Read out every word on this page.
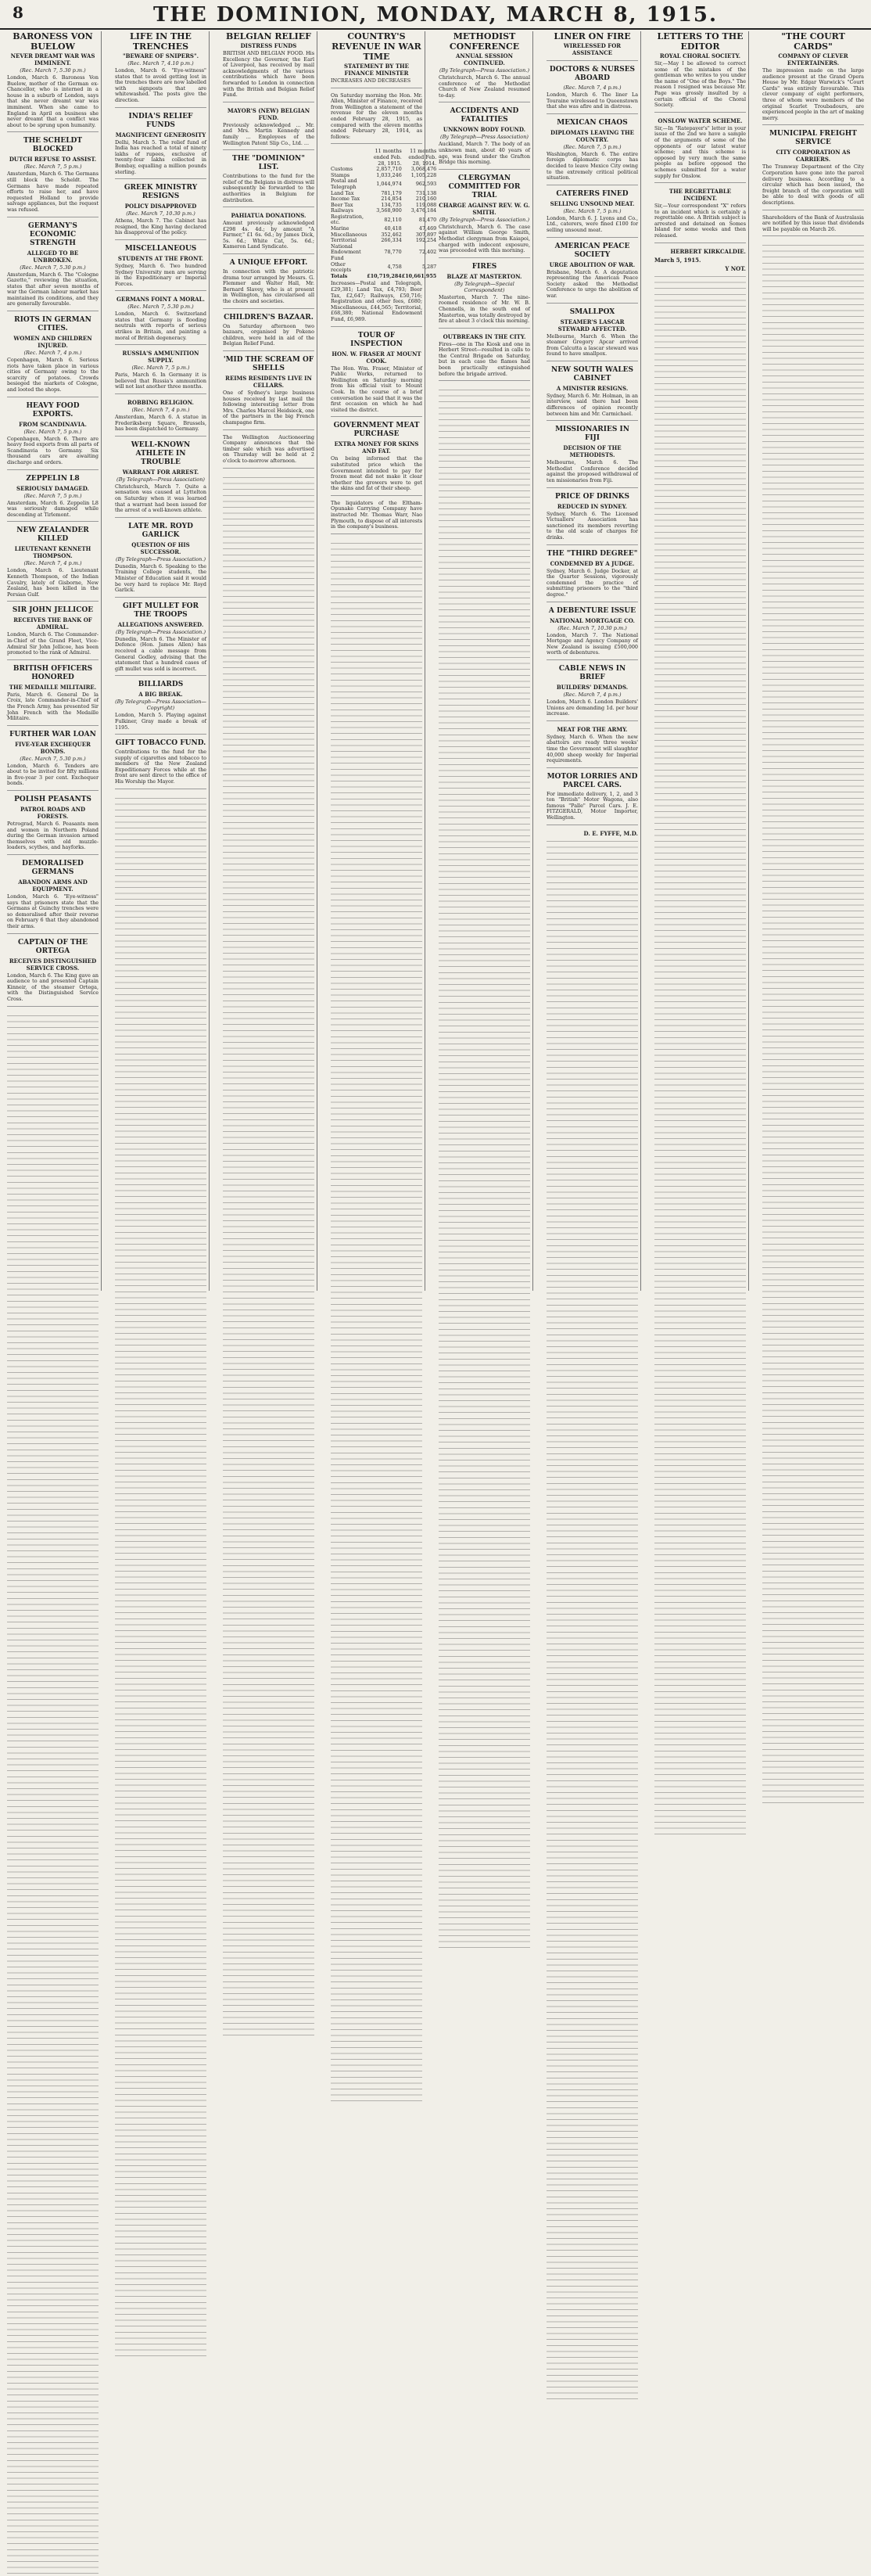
8	THE DOMINION, MONDAY, MARCH 8, 1915.
BARONESS VON BUELOW
NEVER DREAMT WAR WAS IMMINENT.
(Rec. March 7, 5.30 p.m.)
London, March 6. Baroness Von Buelow, mother of the German ex-Chancellor, who is interned in a house in a suburb of London, says that she never dreamt war was imminent. When she came to England in April on business she never dreamt that a conflict was about to be sprung upon humanity.
THE SCHELDT BLOCKED
DUTCH REFUSE TO ASSIST.
(Rec. March 7, 5 p.m.)
Amsterdam, March 6. The Germans still block the Scheldt. The Germans have made repeated efforts to raise her, and have requested Holland to provide salvage appliances, but the request was refused.
GERMANY'S ECONOMIC STRENGTH
ALLEGED TO BE UNBROKEN.
(Rec. March 7, 5.30 p.m.)
Amsterdam, March 6. The "Cologne Gazette," reviewing the situation, states that after seven months of war the German labour market has maintained its conditions, and they are generally favourable.
RIOTS IN GERMAN CITIES.
WOMEN AND CHILDREN INJURED.
(Rec. March 7, 4 p.m.)
Copenhagen, March 6. Serious riots have taken place in various cities of Germany owing to the scarcity of potatoes. Crowds besieged the markets of Cologne, and looted the shops.
HEAVY FOOD EXPORTS.
FROM SCANDINAVIA.
(Rec. March 7, 5 p.m.)
Copenhagen, March 6. There are heavy food exports from all parts of Scandinavia to Germany. Six thousand cars are awaiting discharge and orders.
ZEPPELIN L8
SERIOUSLY DAMAGED.
(Rec. March 7, 5 p.m.)
Amsterdam, March 6. Zeppelin L8 was seriously damaged while descending at Tirlemont.
NEW ZEALANDER KILLED
LIEUTENANT KENNETH THOMPSON.
(Rec. March 7, 4 p.m.)
London, March 6. Lieutenant Kenneth Thompson, of the Indian Cavalry, lately of Gisborne, New Zealand, has been killed in the Persian Gulf.
SIR JOHN JELLICOE
RECEIVES THE BANK OF ADMIRAL.
London, March 6. The Commander-in-Chief of the Grand Fleet, Vice-Admiral Sir John Jellicoe, has been promoted to the rank of Admiral.
BRITISH OFFICERS HONORED
THE MEDAILLE MILITAIRE.
Paris, March 6. General De la Croix, late Commander-in-Chief of the French Army, has presented Sir John French with the Medaille Militaire.
FURTHER WAR LOAN
FIVE-YEAR EXCHEQUER BONDS.
(Rec. March 7, 5.30 p.m.)
London, March 6. Tenders are about to be invited for fifty millions in five-year 3 per cent. Exchequer bonds.
POLISH PEASANTS
PATROL ROADS AND FORESTS.
Petrograd, March 6. Peasants men and women in Northern Poland during the German invasion armed themselves with old muzzle-loaders, scythes, and hayforks.
DEMORALISED GERMANS
ABANDON ARMS AND EQUIPMENT.
London, March 6. "Eye-witness" says that prisoners state that the Germans at Guinchy trenches were so demoralised after their reverse on February 6 that they abandoned their arms.
CAPTAIN OF THE ORTEGA
RECEIVES DISTINGUISHED SERVICE CROSS.
London, March 6. The King gave an audience to and presented Captain Kinneir, of the steamer Ortega, with the Distinguished Service Cross.
LIFE IN THE TRENCHES
"BEWARE OF SNIPERS".
(Rec. March 7, 4.10 p.m.)
London, March 6. "Eye-witness" states that to avoid getting lost in the trenches there are now labelled with signposts that are whitewashed. The posts give the direction.
INDIA'S RELIEF FUNDS
MAGNIFICENT GENEROSITY
Delhi, March 5. The relief fund of India has reached a total of ninety lakhs of rupees, exclusive of twenty-four lakhs collected in Bombay, equalling a million pounds sterling.
GREEK MINISTRY RESIGNS
POLICY DISAPPROVED
(Rec. March 7, 10.30 p.m.)
Athens, March 7. The Cabinet has resigned, the King having declared his disapproval of the policy.
MISCELLANEOUS
STUDENTS AT THE FRONT.
Sydney, March 6. Two hundred Sydney University men are serving in the Expeditionary or Imperial Forces.
GERMANS FOINT A MORAL.
(Rec. March 7, 5.30 p.m.)
London, March 6. Switzerland states that Germany is flooding neutrals with reports of serious strikes in Britain, and painting a moral of British degeneracy.
RUSSIA'S AMMUNITION SUPPLY.
(Rec. March 7, 5 p.m.)
Paris, March 6. In Germany it is believed that Russia's ammunition will not last another three months.
ROBBING RELIGION.
(Rec. March 7, 4 p.m.)
Amsterdam, March 6. A statue in Frederiksberg Square, Brussels, has been dispatched to Germany.
WELL-KNOWN ATHLETE IN TROUBLE
WARRANT FOR ARREST.
(By Telegraph—Press Association)
Christchurch, March 7. Quite a sensation was caused at Lyttelton on Saturday when it was learned that a warrant had been issued for the arrest of a well-known athlete.
LATE MR. ROYD GARLICK
QUESTION OF HIS SUCCESSOR.
(By Telegraph—Press Association.)
Dunedin, March 6. Speaking to the Training College students, the Minister of Education said it would be very hard to replace Mr. Royd Garlick.
GIFT MULLET FOR THE TROOPS
ALLEGATIONS ANSWERED.
(By Telegraph—Press Association.)
Dunedin, March 6. The Minister of Defence (Hon. James Allen) has received a cable message from General Godley, advising that the statement that a hundred cases of gift mullet was sold is incorrect.
BILLIARDS
A BIG BREAK.
(By Telegraph—Press Association—Copyright)
London, March 5. Playing against Fulkiner, Gray made a break of 1195.
GIFT TOBACCO FUND.
Contributions to the fund for the supply of cigarettes and tobacco to members of the New Zealand Expeditionary Forces while at the front are sent direct to the office of His Worship the Mayor.
BELGIAN RELIEF
DISTRESS FUNDS
BRITISH AND BELGIAN FOOD. His Excellency the Governor, the Earl of Liverpool, has received by mail acknowledgments of the various contributions which have been forwarded to London in connection with the British and Belgian Relief Fund.
MAYOR'S (NEW) BELGIAN FUND.
Previously acknowledged ... Mr. and Mrs. Martin Kennedy and family ... Employees of the Wellington Patent Slip Co., Ltd. ...
THE "DOMINION" LIST.
Contributions to the fund for the relief of the Belgians in distress will subsequently be forwarded to the authorities in Belgium for distribution.
PAHIATUA DONATIONS.
Amount previously acknowledged £298 4s. 4d.; by amount "A Farmer," £1 6s. 6d.; by James Dick, 5s. 6d.; White Cat, 5s. 6d.; Kameron Land Syndicate.
A UNIQUE EFFORT.
In connection with the patriotic drama tour arranged by Messrs. G. Flemmer and Walter Hall, Mr. Bernard Slavey, who is at present in Wellington, has circularised all the choirs and societies.
CHILDREN'S BAZAAR.
On Saturday afternoon two bazaars, organised by Pokeno children, were held in aid of the Belgian Relief Fund.
'MID THE SCREAM OF SHELLS
REIMS RESIDENTS LIVE IN CELLARS.
One of Sydney's large business houses received by last mail the following interesting letter from Mrs. Charles Marcel Heidsieck, one of the partners in the big French champagne firm.
The Wellington Auctioneering Company announces that the timber sale which was advertised on Thursday will be held at 2 o'clock to-morrow afternoon.
COUNTRY'S REVENUE IN WAR TIME
STATEMENT BY THE FINANCE MINISTER
INCREASES AND DECREASES
On Saturday morning the Hon. Mr. Allen, Minister of Finance, received from Wellington a statement of the revenue for the eleven months ended February 28, 1915, as compared with the eleven months ended February 28, 1914, as follows:
	11 months ended Feb. 28, 1915.	11 months ended Feb. 28, 1914.
Customs	2,857,710	3,068,476
Stamps	1,033,246	1,105,228
Postal and Telegraph	1,044,974	962,593
Land Tax	781,179	731,138
Income Tax	214,854	210,160
Beer Tax	134,735	119,088
Railways	3,568,900	3,476,184
Registration, etc.	82,110	81,470
Marine	40,418	47,469
Miscellaneous	352,462	307,897
Territorial	266,334	192,254
National Endowment Fund	78,770	72,402
Other receipts	4,758	5,287
Totals	£10,719,284	£10,661,955
Increases—Postal and Telegraph, £29,381; Land Tax, £4,793; Beer Tax, £2,647; Railways, £50,716; Registration and other fees, £680; Miscellaneous, £44,565; Territorial, £68,380; National Endowment Fund, £6,989.
TOUR OF INSPECTION
HON. W. FRASER AT MOUNT COOK.
The Hon. Wm. Fraser, Minister of Public Works, returned to Wellington on Saturday morning from his official visit to Mount Cook. In the course of a brief conversation he said that it was the first occasion on which he had visited the district.
GOVERNMENT MEAT PURCHASE
EXTRA MONEY FOR SKINS AND FAT.
On being informed that the substituted price which the Government intended to pay for frozen meat did not make it clear whether the growers were to get the skins and fat of their sheep.
The liquidators of the Eltham-Opunake Carrying Company have instructed Mr. Thomas Warr, Nao Plymouth, to dispose of all interests in the company's business.
METHODIST CONFERENCE
ANNUAL SESSION CONTINUED.
(By Telegraph—Press Association.)
Christchurch, March 6. The annual conference of the Methodist Church of New Zealand resumed to-day.
ACCIDENTS AND FATALITIES
UNKNOWN BODY FOUND.
(By Telegraph—Press Association)
Auckland, March 7. The body of an unknown man, about 40 years of age, was found under the Grafton Bridge this morning.
CLERGYMAN COMMITTED FOR TRIAL
CHARGE AGAINST REV. W. G. SMITH.
(By Telegraph—Press Association.)
Christchurch, March 6. The case against William George Smith, Methodist clergyman from Kaiapoi, charged with indecent exposure, was proceeded with this morning.
FIRES
BLAZE AT MASTERTON.
(By Telegraph—Special Correspondent)
Masterton, March 7. The nine-roomed residence of Mr. W. B. Chennells, in the south end of Masterton, was totally destroyed by fire at about 3 o'clock this morning.
OUTBREAKS IN THE CITY.
Fires—one in The Kiosk and one in Herbert Street—resulted in calls to the Central Brigade on Saturday, but in each case the flames had been practically extinguished before the brigade arrived.
LINER ON FIRE
WIRELESSED FOR ASSISTANCE
DOCTORS & NURSES ABOARD
(Rec. March 7, 4 p.m.)
London, March 6. The liner La Touraine wirelessed to Queenstown that she was afire and in distress.
MEXICAN CHAOS
DIPLOMATS LEAVING THE COUNTRY.
(Rec. March 7, 5 p.m.)
Washington, March 6. The entire foreign diplomatic corps has decided to leave Mexico City owing to the extremely critical political situation.
CATERERS FINED
SELLING UNSOUND MEAT.
(Rec. March 7, 5 p.m.)
London, March 6. J. Lyons and Co., Ltd., caterers, were fined £100 for selling unsound meat.
AMERICAN PEACE SOCIETY
URGE ABOLITION OF WAR.
Brisbane, March 6. A deputation representing the American Peace Society asked the Methodist Conference to urge the abolition of war.
SMALLPOX
STEAMER'S LASCAR STEWARD AFFECTED.
Melbourne, March 6. When the steamer Gregory Apcar arrived from Calcutta a lascar steward was found to have smallpox.
NEW SOUTH WALES CABINET
A MINISTER RESIGNS.
Sydney, March 6. Mr. Holman, in an interview, said there had been differences of opinion recently between him and Mr. Carmichael.
MISSIONARIES IN FIJI
DECISION OF THE METHODISTS.
Melbourne, March 6. The Methodist Conference decided against the proposed withdrawal of ten missionaries from Fiji.
PRICE OF DRINKS
REDUCED IN SYDNEY.
Sydney, March 6. The Licensed Victuallers' Association has sanctioned its members reverting to the old scale of charges for drinks.
THE "THIRD DEGREE"
CONDEMNED BY A JUDGE.
Sydney, March 6. Judge Docker, at the Quarter Sessions, vigorously condemned the practice of submitting prisoners to the "third degree."
A DEBENTURE ISSUE
NATIONAL MORTGAGE CO.
(Rec. March 7, 10.30 p.m.)
London, March 7. The National Mortgage and Agency Company of New Zealand is issuing £500,000 worth of debentures.
CABLE NEWS IN BRIEF
BUILDERS' DEMANDS.
(Rec. March 7, 4 p.m.)
London, March 6. London Builders' Unions are demanding 1d. per hour increase.
MEAT FOR THE ARMY.
Sydney, March 6. When the new abattoirs are ready three weeks' time the Government will slaughter 40,000 sheep weekly for Imperial requirements.
MOTOR LORRIES AND PARCEL CARS.
For immediate delivery, 1, 2, and 3 ton "British" Motor Wagons, also famous "Palle" Parcel Cars. J. E. FITZGERALD, Motor Importer, Wellington.
D. E. FYFFE, M.D.
LETTERS TO THE EDITOR
ROYAL CHORAL SOCIETY.
Sir,—May I be allowed to correct some of the mistakes of the gentleman who writes to you under the name of "One of the Boys." The reason I resigned was because Mr. Page was grossly insulted by a certain official of the Choral Society.
ONSLOW WATER SCHEME.
Sir,—In "Ratepayer's" letter in your issue of the 2nd we have a sample of the arguments of some of the opponents of our latest water scheme; and this scheme is opposed by very much the same people as before opposed the schemes submitted for a water supply for Onslow.
THE REGRETTABLE INCIDENT.
Sir,—Your correspondent "X" refers to an incident which is certainly a regrettable one. A British subject is arrested and detained on Somes Island for some weeks and then released.
HERBERT KIRKCALDIE.
March 5, 1915.
Y NOT.
"THE COURT CARDS"
COMPANY OF CLEVER ENTERTAINERS.
The impression made on the large audience present at the Grand Opera House by Mr. Edgar Warwick's "Court Cards" was entirely favourable. This clever company of eight performers, three of whom were members of the original Scarlet Troubadours, are experienced people in the art of making merry.
MUNICIPAL FREIGHT SERVICE
CITY CORPORATION AS CARRIERS.
The Tramway Department of the City Corporation have gone into the parcel delivery business. According to a circular which has been issued, the freight branch of the corporation will be able to deal with goods of all descriptions.
Shareholders of the Bank of Australasia are notified by this issue that dividends will be payable on March 26.
